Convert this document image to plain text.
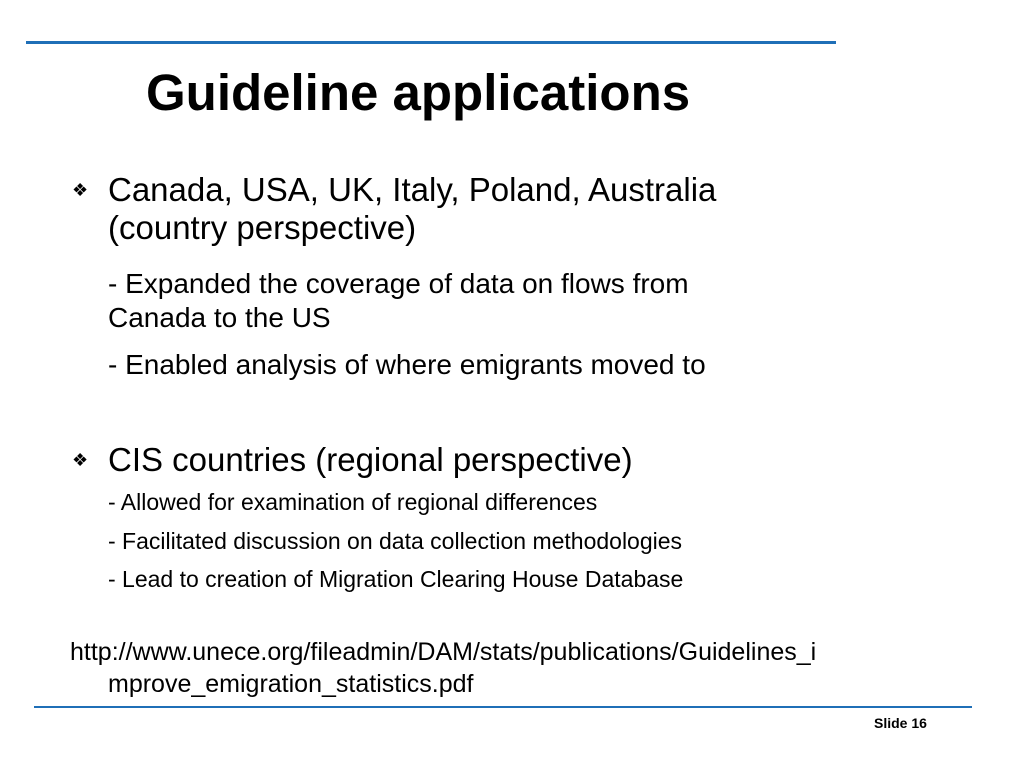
Guideline applications
❖ Canada, USA, UK, Italy, Poland, Australia
(country perspective)
- Expanded the coverage of data on flows from
Canada to the US
- Enabled analysis of where emigrants moved to
❖ CIS countries (regional perspective)
- Allowed for examination of regional differences
- Facilitated discussion on data collection methodologies
- Lead to creation of Migration Clearing House Database
http://www.unece.org/fileadmin/DAM/stats/publications/Guidelines_i
mprove_emigration_statistics.pdf
Slide 16
